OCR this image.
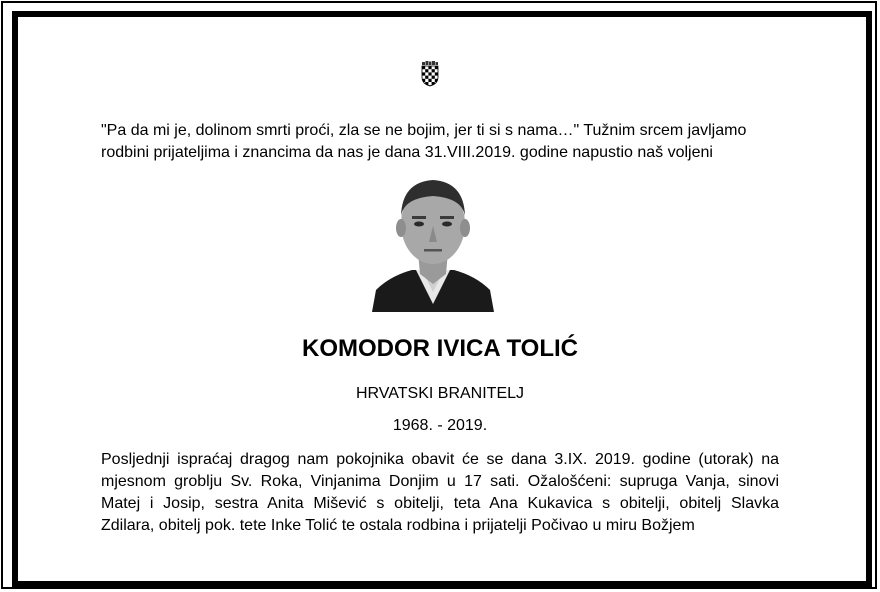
"Pa da mi je, dolinom smrti proći, zla se ne bojim, jer ti si s nama…" Tužnim srcem javljamo
rodbini prijateljima i znancima da nas je dana 31.VIII.2019. godine napustio naš voljeni
KOMODOR IVICA TOLIĆ
HRVATSKI BRANITELJ
1968. - 2019.
Posljednji ispraćaj dragog nam pokojnika obavit će se dana 3.IX. 2019. godine (utorak) na
mjesnom groblju Sv. Roka, Vinjanima Donjim u 17 sati. Ožalošćeni: supruga Vanja, sinovi
Matej i Josip, sestra Anita Mišević s obitelji, teta Ana Kukavica s obitelji, obitelj Slavka
Zdilara, obitelj pok. tete Inke Tolić te ostala rodbina i prijatelji Počivao u miru Božjem
